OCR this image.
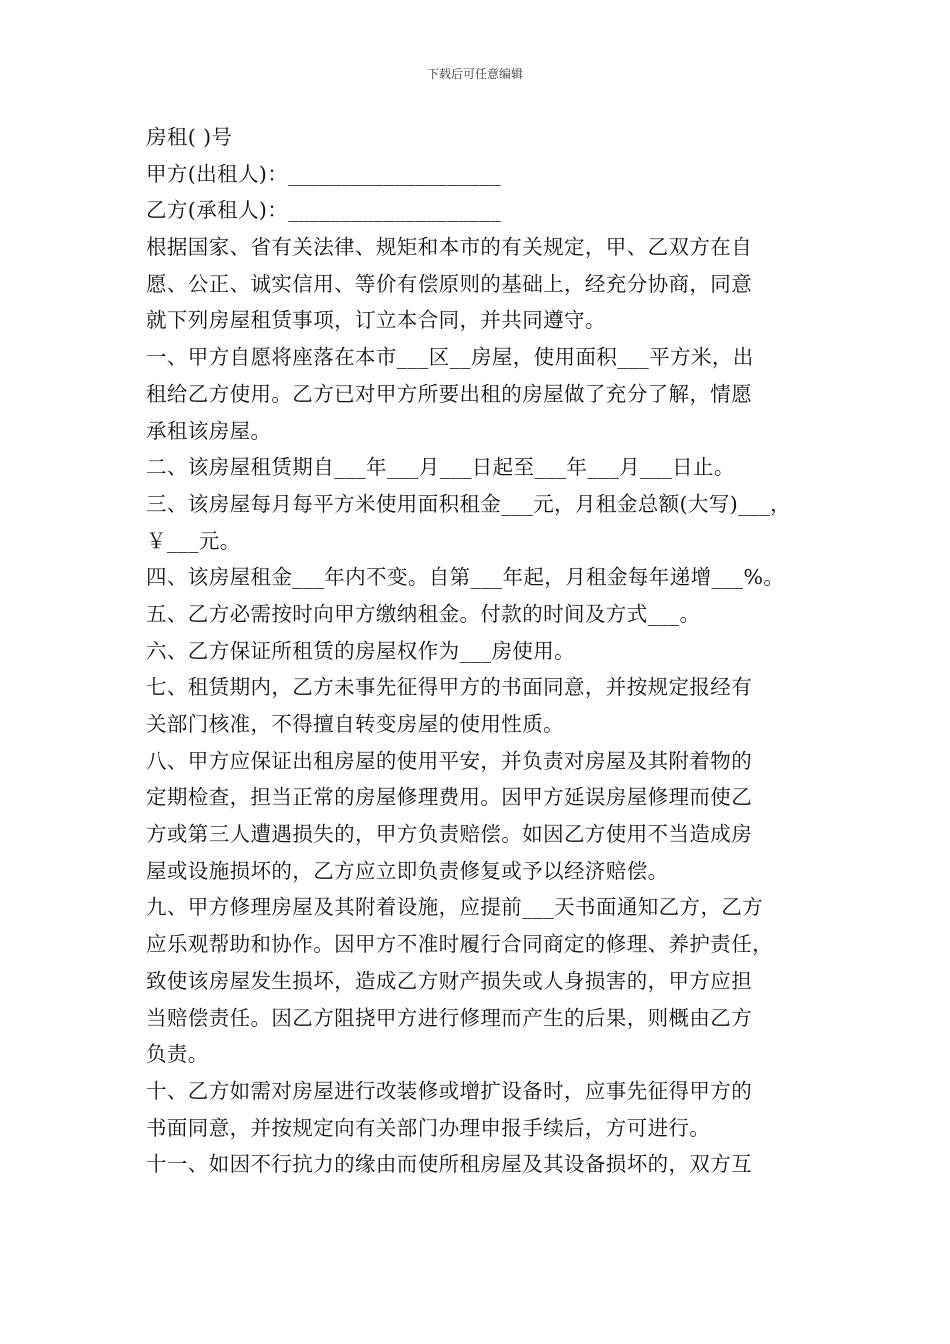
下载后可任意编辑
房租( )号
甲方(出租人)：____________________
乙方(承租人)：____________________
根据国家、省有关法律、规矩和本市的有关规定，甲、乙双方在自
愿、公正、诚实信用、等价有偿原则的基础上，经充分协商，同意
就下列房屋租赁事项，订立本合同，并共同遵守。
一、甲方自愿将座落在本市___区__房屋，使用面积___平方米，出
租给乙方使用。乙方已对甲方所要出租的房屋做了充分了解，情愿
承租该房屋。
二、该房屋租赁期自___年___月___日起至___年___月___日止。
三、该房屋每月每平方米使用面积租金___元，月租金总额(大写)___，
￥___元。
四、该房屋租金___年内不变。自第___年起，月租金每年递增___%。
五、乙方必需按时向甲方缴纳租金。付款的时间及方式___。
六、乙方保证所租赁的房屋权作为___房使用。
七、租赁期内，乙方未事先征得甲方的书面同意，并按规定报经有
关部门核准，不得擅自转变房屋的使用性质。
八、甲方应保证出租房屋的使用平安，并负责对房屋及其附着物的
定期检查，担当正常的房屋修理费用。因甲方延误房屋修理而使乙
方或第三人遭遇损失的，甲方负责赔偿。如因乙方使用不当造成房
屋或设施损坏的，乙方应立即负责修复或予以经济赔偿。
九、甲方修理房屋及其附着设施，应提前___天书面通知乙方，乙方
应乐观帮助和协作。因甲方不准时履行合同商定的修理、养护责任，
致使该房屋发生损坏，造成乙方财产损失或人身损害的，甲方应担
当赔偿责任。因乙方阻挠甲方进行修理而产生的后果，则概由乙方
负责。
十、乙方如需对房屋进行改装修或增扩设备时，应事先征得甲方的
书面同意，并按规定向有关部门办理申报手续后，方可进行。
十一、如因不行抗力的缘由而使所租房屋及其设备损坏的，双方互
